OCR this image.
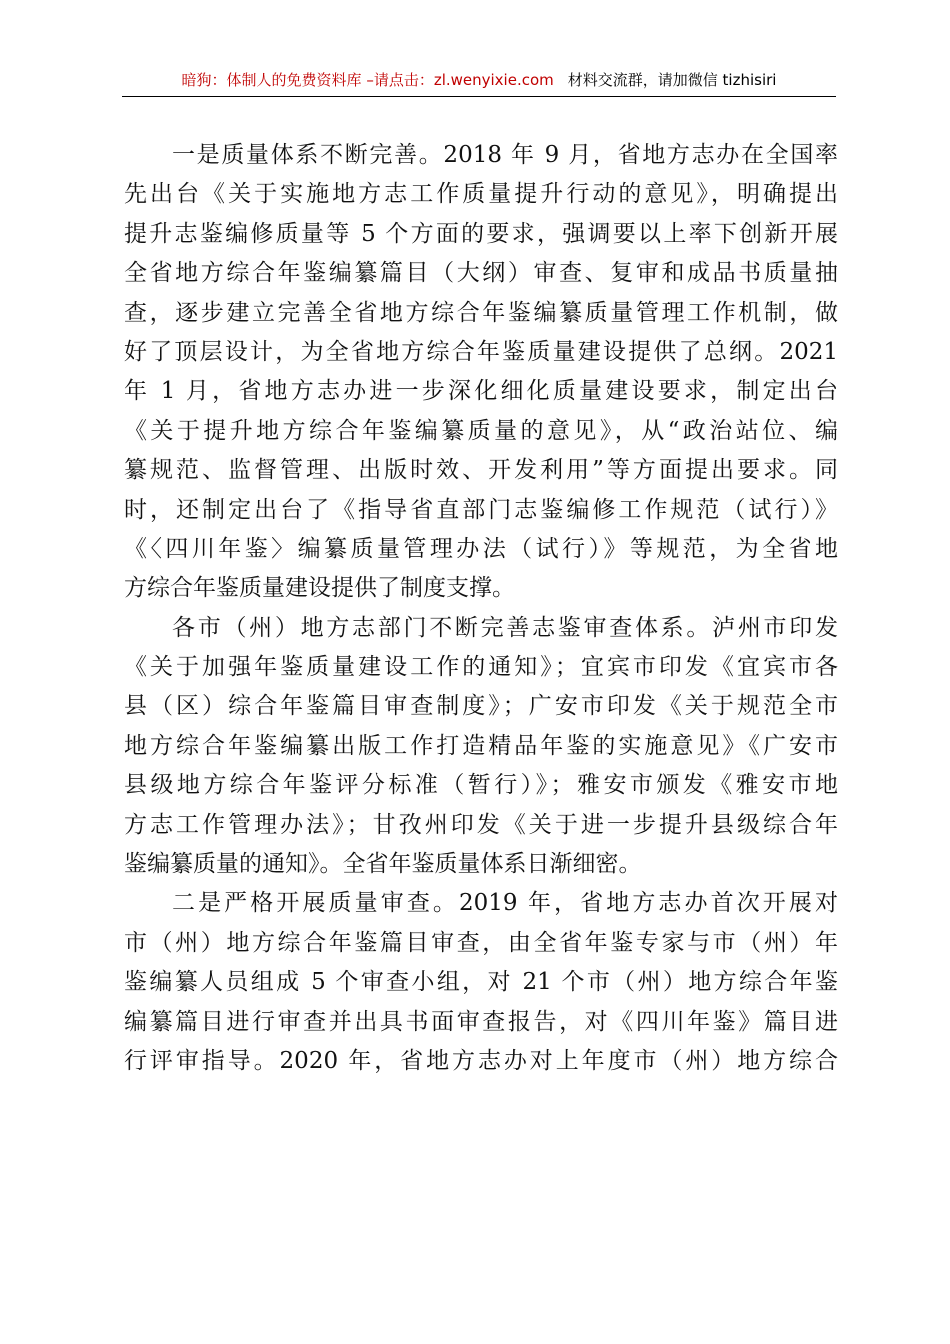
暗狗：体制人的免费资料库 –请点击：zl.wenyixie.com 材料交流群，请加微信 tizhisiri
一是质量体系不断完善。2018 年 9 月，省地方志办在全国率
先出台《关于实施地方志工作质量提升行动的意见》，明确提出
提升志鉴编修质量等 5 个方面的要求，强调要以上率下创新开展
全省地方综合年鉴编纂篇目（大纲）审查、复审和成品书质量抽
查，逐步建立完善全省地方综合年鉴编纂质量管理工作机制，做
好了顶层设计，为全省地方综合年鉴质量建设提供了总纲。2021
年 1 月，省地方志办进一步深化细化质量建设要求，制定出台
《关于提升地方综合年鉴编纂质量的意见》，从“政治站位、编
纂规范、监督管理、出版时效、开发利用”等方面提出要求。同
时，还制定出台了《指导省直部门志鉴编修工作规范（试行）》
《〈四川年鉴〉编纂质量管理办法（试行）》等规范，为全省地
方综合年鉴质量建设提供了制度支撑。
各市（州）地方志部门不断完善志鉴审查体系。泸州市印发
《关于加强年鉴质量建设工作的通知》；宜宾市印发《宜宾市各
县（区）综合年鉴篇目审查制度》；广安市印发《关于规范全市
地方综合年鉴编纂出版工作打造精品年鉴的实施意见》《广安市
县级地方综合年鉴评分标准（暂行）》；雅安市颁发《雅安市地
方志工作管理办法》；甘孜州印发《关于进一步提升县级综合年
鉴编纂质量的通知》。全省年鉴质量体系日渐细密。
二是严格开展质量审查。2019 年，省地方志办首次开展对
市（州）地方综合年鉴篇目审查，由全省年鉴专家与市（州）年
鉴编纂人员组成 5 个审查小组，对 21 个市（州）地方综合年鉴
编纂篇目进行审查并出具书面审查报告，对《四川年鉴》篇目进
行评审指导。2020 年，省地方志办对上年度市（州）地方综合
